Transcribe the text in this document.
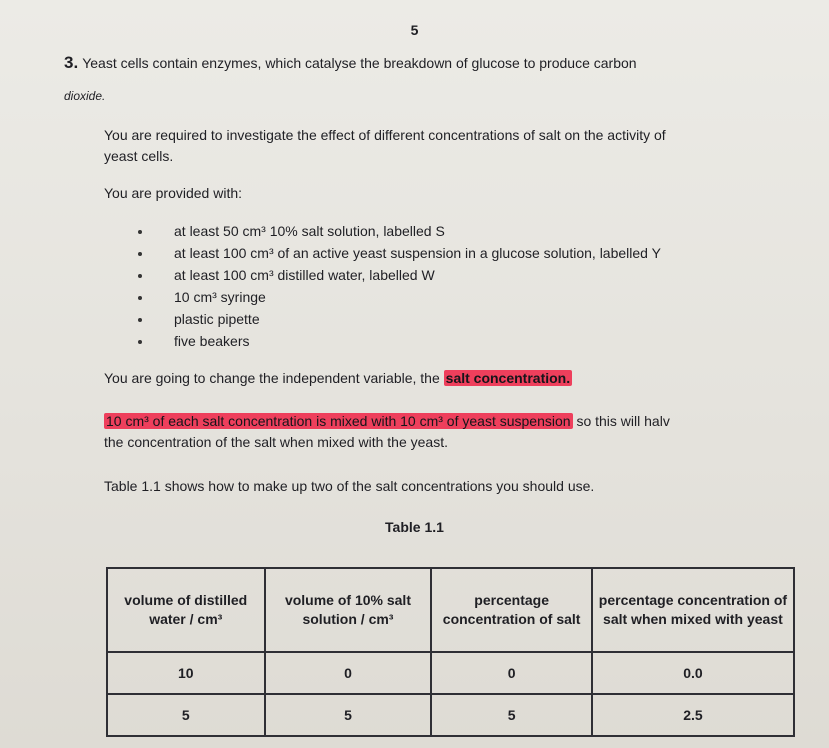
5
3. Yeast cells contain enzymes, which catalyse the breakdown of glucose to produce carbon
dioxide.
You are required to investigate the effect of different concentrations of salt on the activity of
yeast cells.
You are provided with:
at least 50 cm³ 10% salt solution, labelled S
at least 100 cm³ of an active yeast suspension in a glucose solution, labelled Y
at least 100 cm³ distilled water, labelled W
10 cm³ syringe
plastic pipette
five beakers
You are going to change the independent variable, the salt concentration.
10 cm³ of each salt concentration is mixed with 10 cm³ of yeast suspension so this will halv
the concentration of the salt when mixed with the yeast.
Table 1.1 shows how to make up two of the salt concentrations you should use.
Table 1.1
volume of distilled water / cm³	volume of 10% salt solution / cm³	percentage concentration of salt	percentage concentration of salt when mixed with yeast
10	0	0	0.0
5	5	5	2.5
